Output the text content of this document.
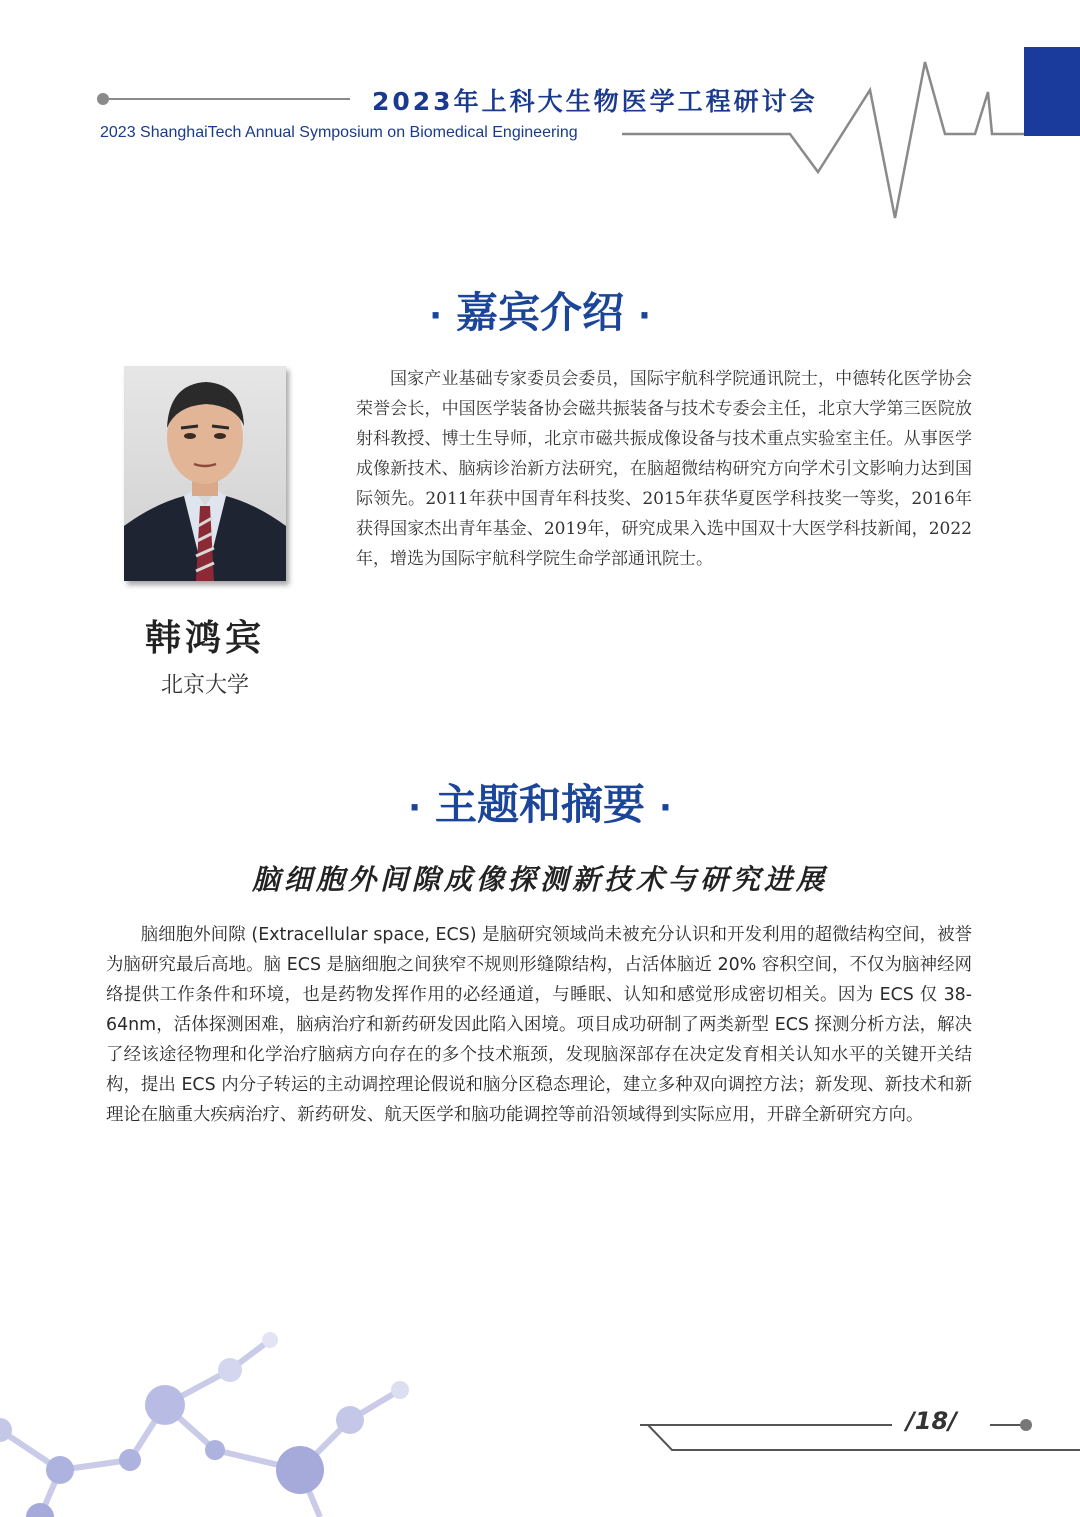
2023年上科大生物医学工程研讨会
2023 ShanghaiTech Annual Symposium on Biomedical Engineering
· 嘉宾介绍 ·
韩鸿宾
北京大学
国家产业基础专家委员会委员，国际宇航科学院通讯院士，中德转化医学协会荣誉会长，中国医学装备协会磁共振装备与技术专委会主任，北京大学第三医院放射科教授、博士生导师，北京市磁共振成像设备与技术重点实验室主任。从事医学成像新技术、脑病诊治新方法研究，在脑超微结构研究方向学术引文影响力达到国际领先。2011年获中国青年科技奖、2015年获华夏医学科技奖一等奖，2016年获得国家杰出青年基金、2019年，研究成果入选中国双十大医学科技新闻，2022年，增选为国际宇航科学院生命学部通讯院士。
· 主题和摘要 ·
脑细胞外间隙成像探测新技术与研究进展
脑细胞外间隙 (Extracellular space, ECS) 是脑研究领域尚未被充分认识和开发利用的超微结构空间，被誉为脑研究最后高地。脑 ECS 是脑细胞之间狭窄不规则形缝隙结构，占活体脑近 20% 容积空间，不仅为脑神经网络提供工作条件和环境，也是药物发挥作用的必经通道，与睡眠、认知和感觉形成密切相关。因为 ECS 仅 38-64nm，活体探测困难，脑病治疗和新药研发因此陷入困境。项目成功研制了两类新型 ECS 探测分析方法，解决了经该途径物理和化学治疗脑病方向存在的多个技术瓶颈，发现脑深部存在决定发育相关认知水平的关键开关结构，提出 ECS 内分子转运的主动调控理论假说和脑分区稳态理论，建立多种双向调控方法；新发现、新技术和新理论在脑重大疾病治疗、新药研发、航天医学和脑功能调控等前沿领域得到实际应用，开辟全新研究方向。
/18/
